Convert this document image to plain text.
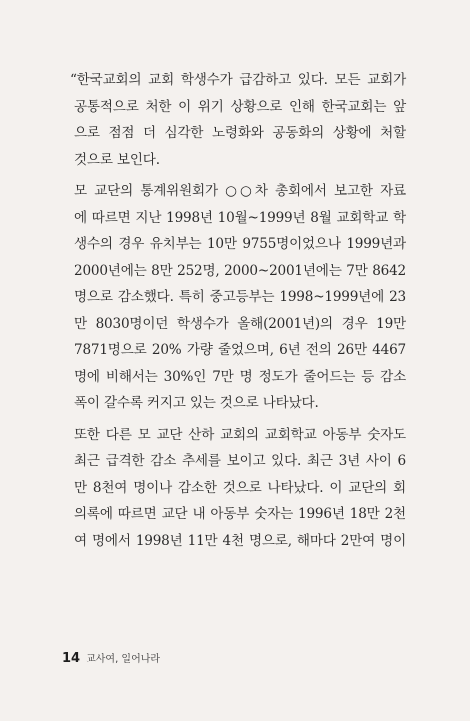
“한국교회의 교회 학생수가 급감하고 있다. 모든 교회가
공통적으로 처한 이 위기 상황으로 인해 한국교회는 앞
으로 점점 더 심각한 노령화와 공동화의 상황에 처할
것으로 보인다.
모 교단의 통계위원회가 ○○차 총회에서 보고한 자료
에 따르면 지난 1998년 10월~1999년 8월 교회학교 학
생수의 경우 유치부는 10만 9755명이었으나 1999년과
2000년에는 8만 252명, 2000~2001년에는 7만 8642
명으로 감소했다. 특히 중고등부는 1998~1999년에 23
만 8030명이던 학생수가 올해(2001년)의 경우 19만
7871명으로 20% 가량 줄었으며, 6년 전의 26만 4467
명에 비해서는 30%인 7만 명 정도가 줄어드는 등 감소
폭이 갈수록 커지고 있는 것으로 나타났다.
또한 다른 모 교단 산하 교회의 교회학교 아동부 숫자도
최근 급격한 감소 추세를 보이고 있다. 최근 3년 사이 6
만 8천여 명이나 감소한 것으로 나타났다. 이 교단의 회
의록에 따르면 교단 내 아동부 숫자는 1996년 18만 2천
여 명에서 1998년 11만 4천 명으로, 해마다 2만여 명이
14 교사여, 일어나라
